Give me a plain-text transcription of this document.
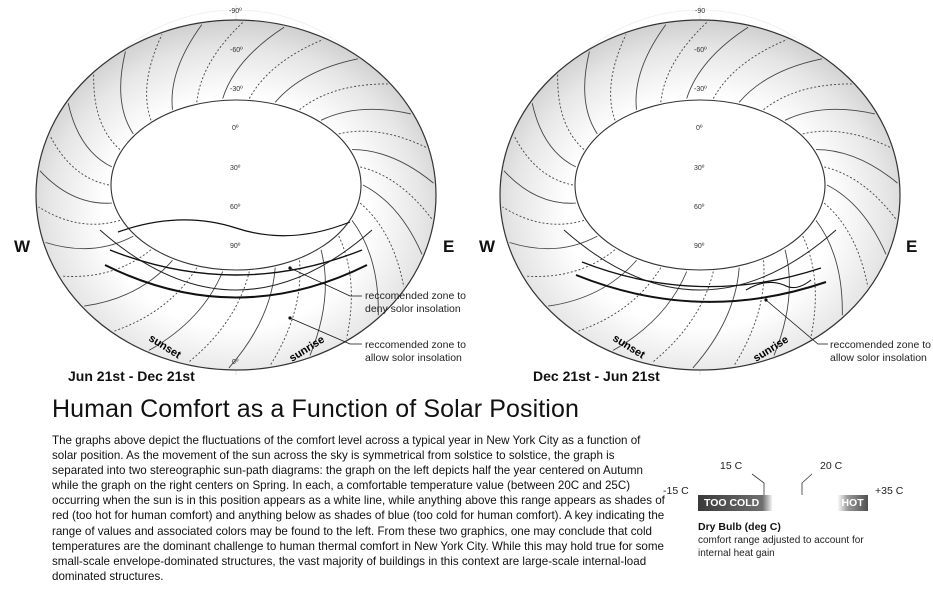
-90º
-60º
-30º
0º
30º
60º
90º
0º
sunset	sunrise
-90
-60º
-30º
0º
30º
60º
90º
sunset	sunrise
W	E W	E
reccomended zone to
deny solor insolation
reccomended zone to
allow solor insolation
reccomended zone to
allow solor insolation
Jun 21st - Dec 21st	Dec 21st - Jun 21st
Human Comfort as a Function of Solar Position
The graphs above depict the fluctuations of the comfort level across a typical year in New York City as a function of solar position. As the movement of the sun across the sky is symmetrical from solstice to solstice, the graph is separated into two stereographic sun-path diagrams: the graph on the left depicts half the year centered on Autumn while the graph on the right centers on Spring. In each, a comfortable temperature value (between 20C and 25C) occurring when the sun is in this position appears as a white line, while anything above this range appears as shades of red (too hot for human comfort) and anything below as shades of blue (too cold for human comfort). A key indicating the range of values and associated colors may be found to the left. From these two graphics, one may conclude that cold temperatures are the dominant challenge to human thermal comfort in New York City. While this may hold true for some small-scale envelope-dominated structures, the vast majority of buildings in this context are large-scale internal-load dominated structures.
15 C	20 C
-15 C	+35 C
TOO COLD	TOO HOT
Dry Bulb (deg C)
comfort range adjusted to account for
internal heat gain
